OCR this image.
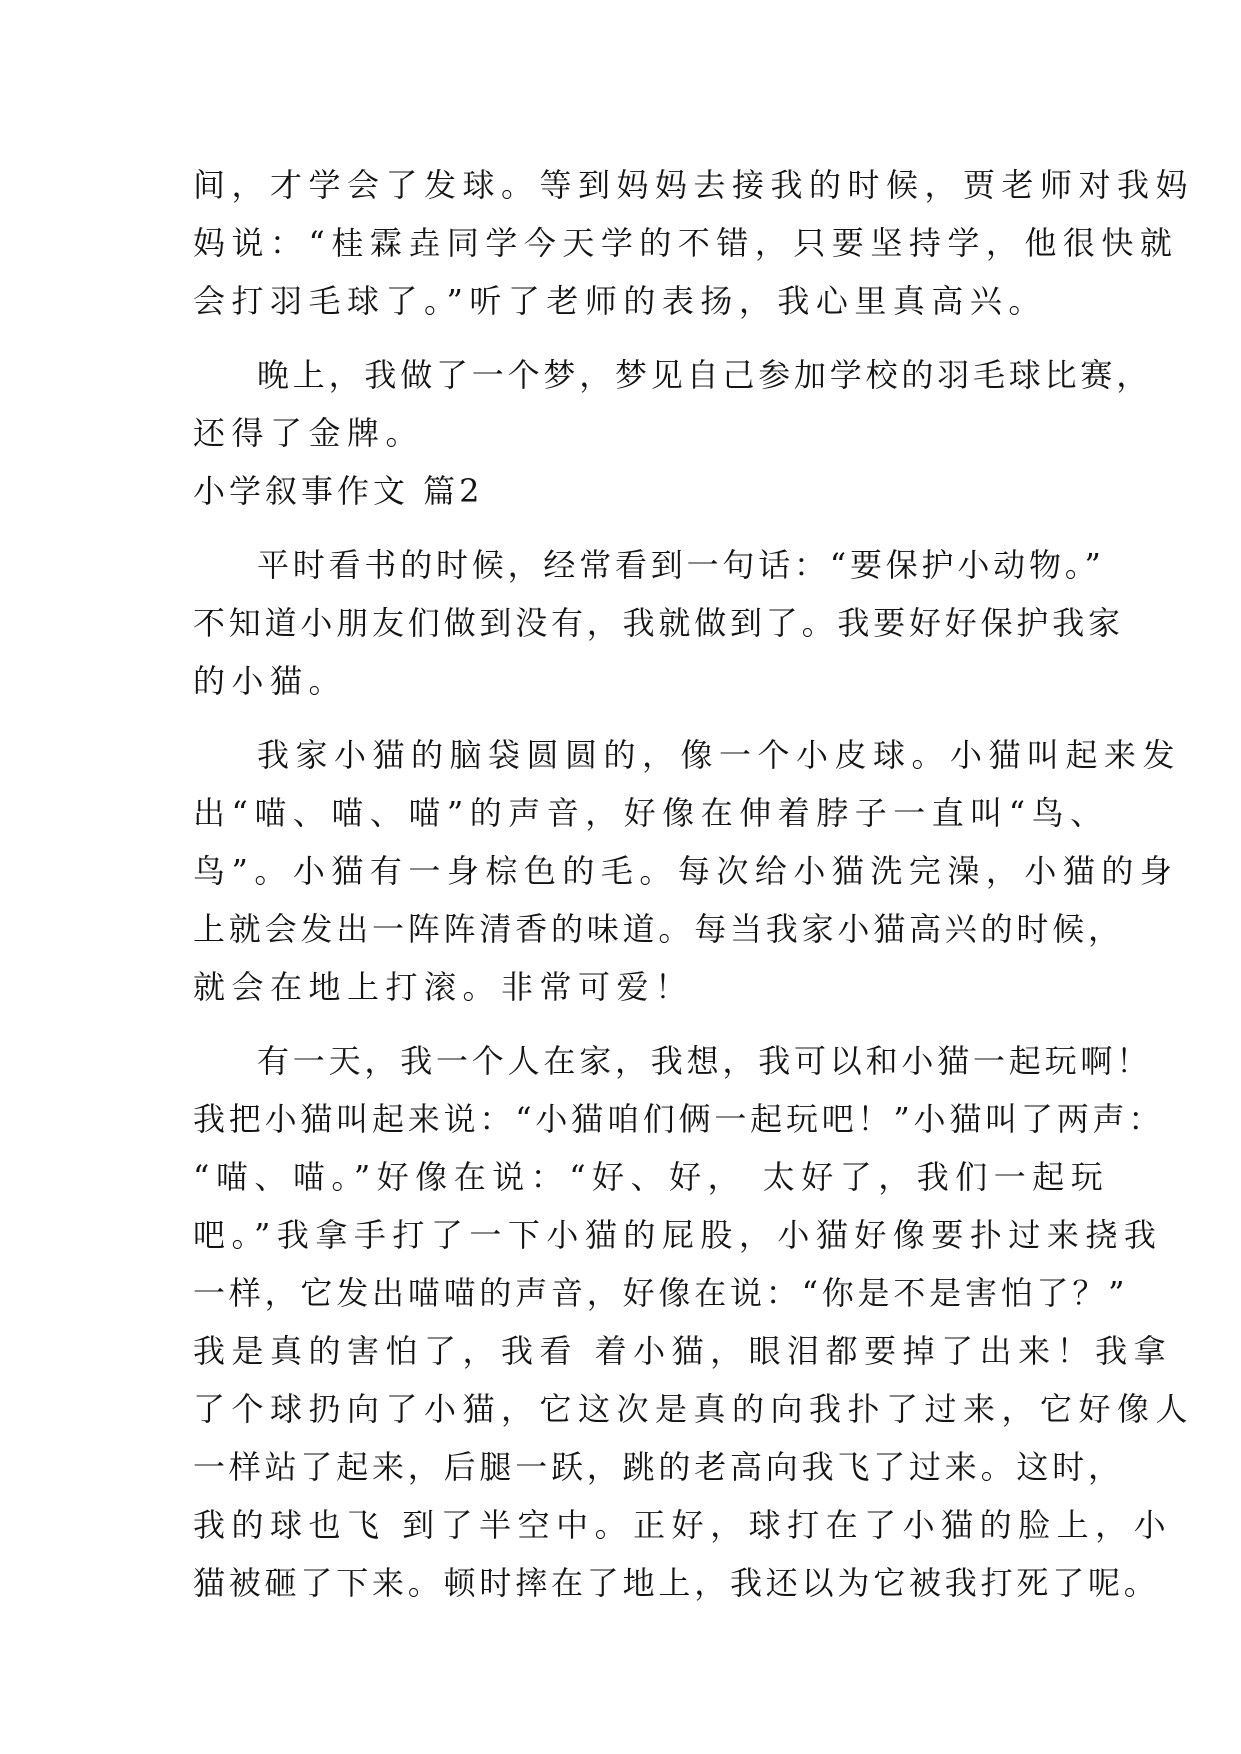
间，才学会了发球。等到妈妈去接我的时候，贾老师对我妈
妈说：“桂霖垚同学今天学的不错，只要坚持学，他很快就
会打羽毛球了。”听了老师的表扬，我心里真高兴。
晚上，我做了一个梦，梦见自己参加学校的羽毛球比赛，
还得了金牌。
小学叙事作文 篇2
平时看书的时候，经常看到一句话：“要保护小动物。”
不知道小朋友们做到没有，我就做到了。我要好好保护我家
的小猫。
我家小猫的脑袋圆圆的，像一个小皮球。小猫叫起来发
出“喵、喵、喵”的声音，好像在伸着脖子一直叫“鸟、
鸟”。小猫有一身棕色的毛。每次给小猫洗完澡，小猫的身
上就会发出一阵阵清香的味道。每当我家小猫高兴的时候，
就会在地上打滚。非常可爱！
有一天，我一个人在家，我想，我可以和小猫一起玩啊！
我把小猫叫起来说：“小猫咱们俩一起玩吧！”小猫叫了两声：
“喵、喵。”好像在说：“好、好， 太好了，我们一起玩
吧。”我拿手打了一下小猫的屁股，小猫好像要扑过来挠我
一样，它发出喵喵的声音，好像在说：“你是不是害怕了？”
我是真的害怕了，我看 着小猫，眼泪都要掉了出来！我拿
了个球扔向了小猫，它这次是真的向我扑了过来，它好像人
一样站了起来，后腿一跃，跳的老高向我飞了过来。这时，
我的球也飞 到了半空中。正好，球打在了小猫的脸上，小
猫被砸了下来。顿时摔在了地上，我还以为它被我打死了呢。
